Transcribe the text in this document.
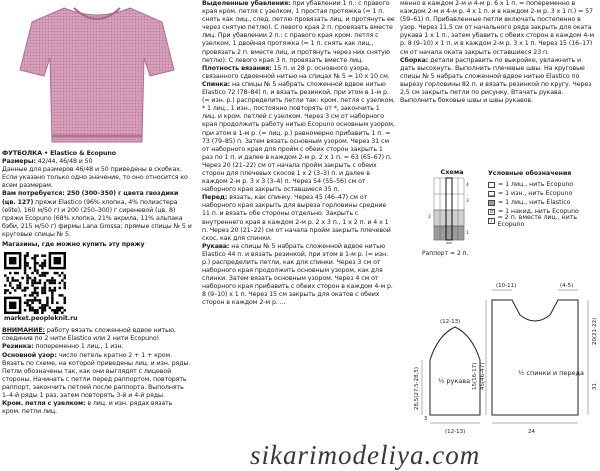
ФУТБОЛКА • Elastico & Ecopuno

Размеры: 42/44, 46/48 и 50

Данные для размеров 46/48 и 50 приведены в скобках. Если указано только одно значение, то оно относится ко всем размерам.

Вам потребуется: 250 (300–350) г цвета гвоздики (цв. 127) пряжи Elastico (96% хлопка, 4% полиэстера (elite), 160 м/50 г) и 200 (250–300) г сиреневой (цв. 8) пряжи Ecopuno (68% хлопка, 21% акрила, 11% альпака бэби, 215 м/50 г) фирмы Lana Grossa; прямые спицы № 5 и круговые спицы № 5.

Магазины, где можно купить эту пряжу

market.peopleknit.ru

ВНИМАНИЕ: работу вязать сложенной вдвое нитью, соединив по 2 нити Elastico или 2 нити Ecopuno!

Резинка: попеременно 1 лиц., 1 изн.

Основной узор: число петель кратно 2 + 1 + кром. Вязать по схеме, на которой приведены лиц. и изн. ряды. Петли обозначены так, как они выглядят с лицевой стороны. Начинать с петли перед раппортом, повторять раппорт, закончить петлей после раппорта. Выполнять 1–4-й ряды 1 раз, затем повторять 3-й и 4-й ряды.

Кром. петля с узелком: в лиц. и изн. рядах вязать кром. петли лиц.

Выделенные убавления: при убавлении 1 п.: с правого края кром. петля с узелком, 1 простая протяжка (= 1 п. снять как лиц., след. петлю провязать лиц. и протянуть ее через снятую петлю). С левого края 2 п. провязать вместе лиц. При убавлении 2 п.: с правого края кром. петля с узелком, 1 двойная протяжка (= 1 п. снять как лиц., провязать 2 п. вместе лиц. и протянуть через них снятую петлю). С левого края 3 п. провязать вместе лиц.

Плотность вязания: 15 п. и 28 р. основного узора, связанного сдвоенной нитью на спицах № 5 = 10 х 10 см.

Спинка: на спицы № 5 набрать сложенной вдвое нитью Elastico 72 (78–84) п. и вязать резинкой, при этом в 1-м р. (= изн. р.) распределить петли так: кром. петля с узелком, * 1 лиц., 1 изн., постоянно повторять от *, закончить 1 лиц. и кром. петлей с узелком. Через 3 см от наборного края продолжить работу нитью Ecopuno основным узором, при этом в 1-м р. (= лиц. р.) равномерно прибавить 1 п. = 73 (79–85) п. Затем вязать основным узором. Через 31 см от наборного края для пройм с обеих сторон закрыть 1 раз по 1 п. и далее в каждом 2-м р. 2 х 1 п. = 63 (65–67) п. Через 20 (21–22) см от начала пройм закрыть с обеих сторон для плечевых скосов 1 х 2 (3–3) п. и далее в каждом 2-м р. 3 х 3 (3–4) п. Через 54 (55–56) см от наборного края закрыть оставшиеся 35 п.

Перед: вязать, как спинку. Через 45 (46–47) см от наборного края закрыть для выреза горловины средние 11 п. и вязать обе стороны отдельно. Закрыть с внутреннего края в каждом 2-м р. 2 х 3 п., 1 х 2 п. и 4 х 1 п. Через 20 (21–22) см от начала пройм закрыть плечевой скос, как для спинки.

Рукава: на спицы № 5 набрать сложенной вдвое нитью Elastico 44 п. и вязать резинкой, при этом в 1-м р. (= изн. р.) распределить петли, как для спинки. Через 3 см от наборного края продолжить основным узором, как для спинки. Затем вязать основным узором. Через 4 см от наборного края прибавить с обеих сторон в каждом 4-м р. 8 (9–10) х 1 п. Через 15 см закрыть для окатов с обеих сторон в каждом 2-м р. ...

менно в каждом 2-м и 4-м р. 6 х 1 п. = попеременно в каждом 2-м и 4-м р. 4 х 1 п. и в каждом 2-м р. 3 х 1 п.) = 57 (59–61) п. Прибавленные петли включать постепенно в узор. Через 11,5 см от начального ряда закрыть для оката рукава 1 х 1 п., затем убавить с обеих сторон в каждом 4-м р. 8 (9–10) х 1 п. и в каждом 2-м р. 3 х 1 п. Через 15 (16–17) см от начала оката закрыть оставшиеся 23 п.

Сборка: детали расправить по выкройке, увлажнить и дать высохнуть. Выполнить плечевые швы. На круговые спицы № 5 набрать сложенной вдвое нитью Elastico по вырезу горловины 82 п. и вязать резинкой по кругу. Через 2,5 см закрыть петли по рисунку. Втачать рукава. Выполнить боковые швы и швы рукавов.

Схема
4
3
2
1
Раппорт = 2 п.
Условные обозначения
= 1 лиц., нить Ecopuno
— = 1 изн., нить Ecopuno
= 1 лиц., нить Elastico
o = 1 накид, нить Ecopuno
/ = 2 п. вместе лиц., нить Ecopuno
½ рукава
½ спинки и переда
(12-13)
(10-11)	(4-5)
(12-13)	24
28,5(27,5-28,5)	15(16-17) 45(46-47)
20(21-22)
31
3
sikarimodeliya.com
